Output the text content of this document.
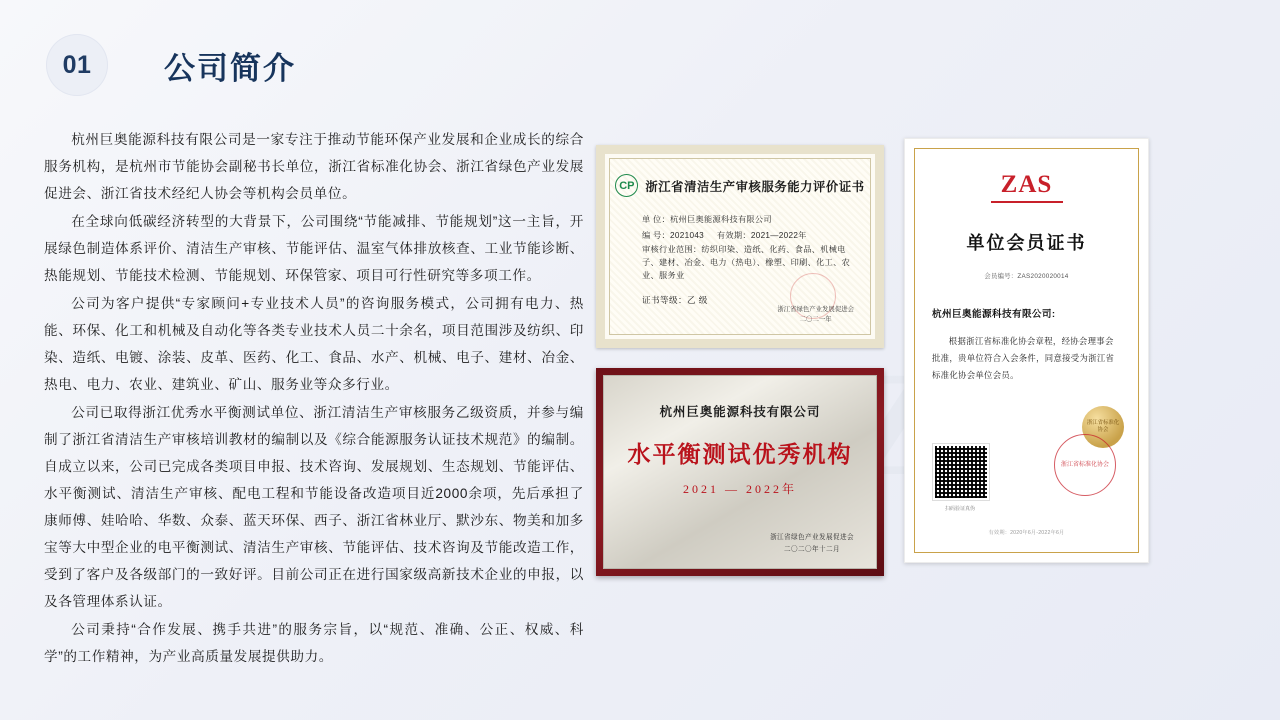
01	公司简介

杭州巨奥能源科技有限公司是一家专注于推动节能环保产业发展和企业成长的综合服务机构，是杭州市节能协会副秘书长单位，浙江省标准化协会、浙江省绿色产业发展促进会、浙江省技术经纪人协会等机构会员单位。

在全球向低碳经济转型的大背景下，公司围绕“节能减排、节能规划”这一主旨，开展绿色制造体系评价、清洁生产审核、节能评估、温室气体排放核查、工业节能诊断、热能规划、节能技术检测、节能规划、环保管家、项目可行性研究等多项工作。

公司为客户提供“专家顾问+专业技术人员”的咨询服务模式，公司拥有电力、热能、环保、化工和机械及自动化等各类专业技术人员二十余名，项目范围涉及纺织、印染、造纸、电镀、涂装、皮革、医药、化工、食品、水产、机械、电子、建材、冶金、热电、电力、农业、建筑业、矿山、服务业等众多行业。

公司已取得浙江优秀水平衡测试单位、浙江清洁生产审核服务乙级资质，并参与编制了浙江省清洁生产审核培训教材的编制以及《综合能源服务认证技术规范》的编制。自成立以来，公司已完成各类项目申报、技术咨询、发展规划、生态规划、节能评估、水平衡测试、清洁生产审核、配电工程和节能设备改造项目近2000余项，先后承担了康师傅、娃哈哈、华数、众泰、蓝天环保、西子、浙江省林业厅、默沙东、物美和加多宝等大中型企业的电平衡测试、清洁生产审核、节能评估、技术咨询及节能改造工作，受到了客户及各级部门的一致好评。目前公司正在进行国家级高新技术企业的申报，以及各管理体系认证。

公司秉持“合作发展、携手共进”的服务宗旨，以“规范、准确、公正、权威、科学”的工作精神，为产业高质量发展提供助力。

CP 浙江省清洁生产审核服务能力评价证书
单 位：杭州巨奥能源科技有限公司
编 号：2021043 有效期：2021—2022年
审核行业范围：纺织印染、造纸、化药、食品、机械电子、建材、冶金、电力（热电）、橡塑、印刷、化工、农业、服务业
证书等级：乙 级
浙江省绿色产业发展促进会
二〇二一年
ZAS
单位会员证书
会员编号：ZAS2020020014
杭州巨奥能源科技有限公司:
根据浙江省标准化协会章程，经协会理事会批准，贵单位符合入会条件，同意接受为浙江省标准化协会单位会员。
浙江省标准化协会
扫码验证真伪
浙江省标准化协会
有效期：2020年6月-2022年6月
杭州巨奥能源科技有限公司
水平衡测试优秀机构
2021 — 2022年
浙江省绿色产业发展促进会
二〇二〇年十二月
